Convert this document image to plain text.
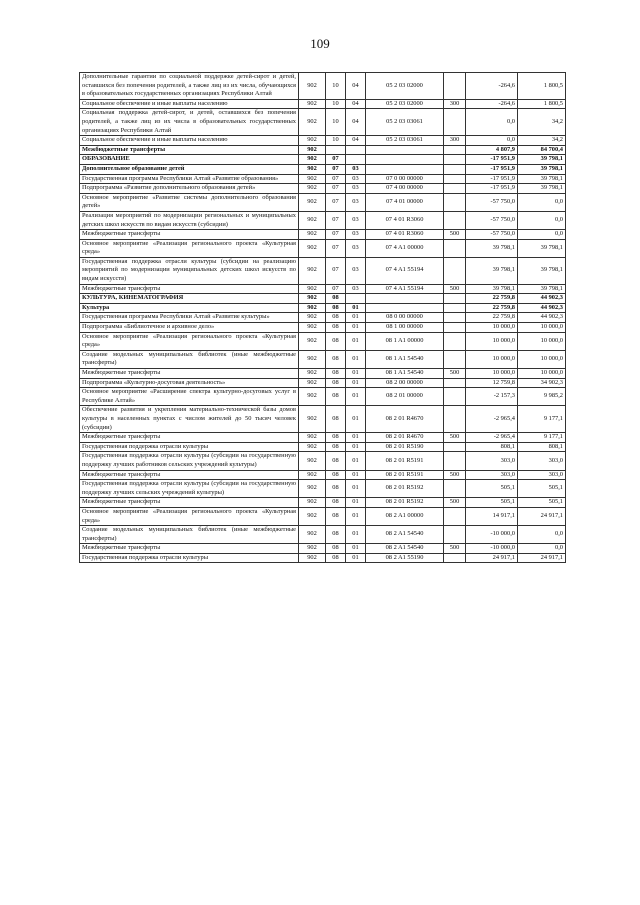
109
Дополнительные гарантии по социальной поддержке детей-сирот и детей, оставшихся без попечения родителей, а также лиц из их числа, обучающихся в образовательных государственных организациях Республики Алтай	902	10	04	05 2 03 02000		-264,6	1 800,5
Социальное обеспечение и иные выплаты населению	902	10	04	05 2 03 02000	300	-264,6	1 800,5
Социальная поддержка детей-сирот, и детей, оставшихся без попечения родителей, а также лиц из их числа в образовательных государственных организациях Республики Алтай	902	10	04	05 2 03 03061		0,0	34,2
Социальное обеспечение и иные выплаты населению	902	10	04	05 2 03 03061	300	0,0	34,2
Межбюджетные трансферты	902					4 807,9	84 700,4
ОБРАЗОВАНИЕ	902	07				-17 951,9	39 798,1
Дополнительное образование детей	902	07	03			-17 951,9	39 798,1
Государственная программа Республики Алтай «Развитие образования»	902	07	03	07 0 00 00000		-17 951,9	39 798,1
Подпрограмма «Развитие дополнительного образования детей»	902	07	03	07 4 00 00000		-17 951,9	39 798,1
Основное мероприятие «Развитие системы дополнительного образования детей»	902	07	03	07 4 01 00000		-57 750,0	0,0
Реализация мероприятий по модернизации региональных и муниципальных детских школ искусств по видам искусств (субсидии)	902	07	03	07 4 01 R3060		-57 750,0	0,0
Межбюджетные трансферты	902	07	03	07 4 01 R3060	500	-57 750,0	0,0
Основное мероприятие «Реализация регионального проекта «Культурная среда»	902	07	03	07 4 A1 00000		39 798,1	39 798,1
Государственная поддержка отрасли культуры (субсидии на реализацию мероприятий по модернизации муниципальных детских школ искусств по видам искусств)	902	07	03	07 4 A1 55194		39 798,1	39 798,1
Межбюджетные трансферты	902	07	03	07 4 A1 55194	500	39 798,1	39 798,1
КУЛЬТУРА, КИНЕМАТОГРАФИЯ	902	08				22 759,8	44 902,3
Культура	902	08	01			22 759,8	44 902,3
Государственная программа Республики Алтай «Развитие культуры»	902	08	01	08 0 00 00000		22 759,8	44 902,3
Подпрограмма «Библиотечное и архивное дело»	902	08	01	08 1 00 00000		10 000,0	10 000,0
Основное мероприятие «Реализация регионального проекта «Культурная среда»	902	08	01	08 1 A1 00000		10 000,0	10 000,0
Создание модельных муниципальных библиотек (иные межбюджетные трансферты)	902	08	01	08 1 A1 54540		10 000,0	10 000,0
Межбюджетные трансферты	902	08	01	08 1 A1 54540	500	10 000,0	10 000,0
Подпрограмма «Культурно-досуговая деятельность»	902	08	01	08 2 00 00000		12 759,8	34 902,3
Основное мероприятие «Расширение спектра культурно-досуговых услуг в Республике Алтай»	902	08	01	08 2 01 00000		-2 157,3	9 985,2
Обеспечение развития и укрепления материально-технической базы домов культуры в населенных пунктах с числом жителей до 50 тысяч человек (субсидии)	902	08	01	08 2 01 R4670		-2 965,4	9 177,1
Межбюджетные трансферты	902	08	01	08 2 01 R4670	500	-2 965,4	9 177,1
Государственная поддержка отрасли культуры	902	08	01	08 2 01 R5190		808,1	808,1
Государственная поддержка отрасли культуры (субсидии на государственную поддержку лучших работников сельских учреждений культуры)	902	08	01	08 2 01 R5191		303,0	303,0
Межбюджетные трансферты	902	08	01	08 2 01 R5191	500	303,0	303,0
Государственная поддержка отрасли культуры (субсидии на государственную поддержку лучших сельских учреждений культуры)	902	08	01	08 2 01 R5192		505,1	505,1
Межбюджетные трансферты	902	08	01	08 2 01 R5192	500	505,1	505,1
Основное мероприятие «Реализация регионального проекта «Культурная среда»	902	08	01	08 2 A1 00000		14 917,1	24 917,1
Создание модельных муниципальных библиотек (иные межбюджетные трансферты)	902	08	01	08 2 A1 54540		-10 000,0	0,0
Межбюджетные трансферты	902	08	01	08 2 A1 54540	500	-10 000,0	0,0
Государственная поддержка отрасли культуры	902	08	01	08 2 A1 55190		24 917,1	24 917,1
